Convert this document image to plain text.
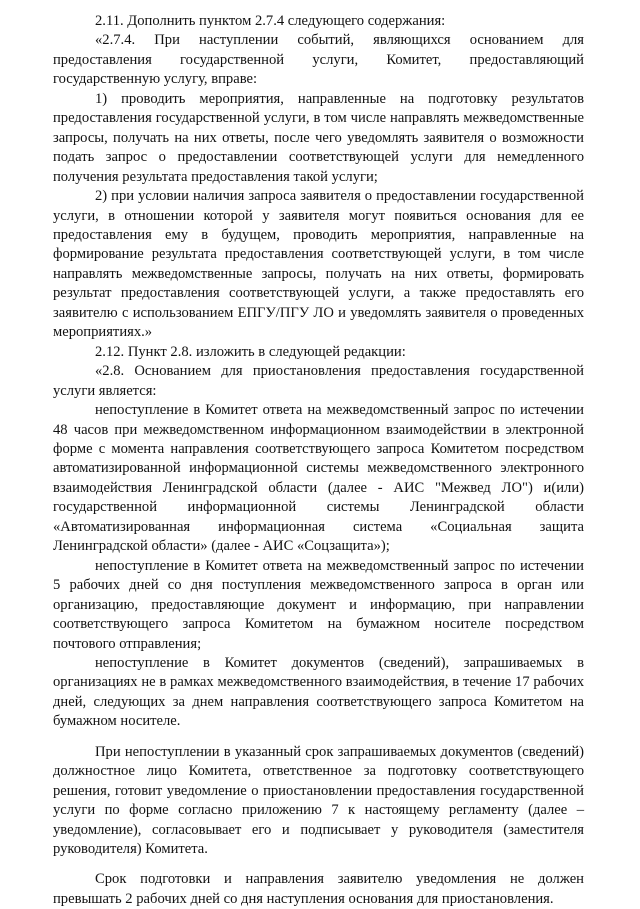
2.11. Дополнить пунктом 2.7.4 следующего содержания:

«2.7.4. При наступлении событий, являющихся основанием для предоставления государственной услуги, Комитет, предоставляющий государственную услугу, вправе:

1) проводить мероприятия, направленные на подготовку результатов предоставления государственной услуги, в том числе направлять межведомственные запросы, получать на них ответы, после чего уведомлять заявителя о возможности подать запрос о предоставлении соответствующей услуги для немедленного получения результата предоставления такой услуги;

2) при условии наличия запроса заявителя о предоставлении государственной услуги, в отношении которой у заявителя могут появиться основания для ее предоставления ему в будущем, проводить мероприятия, направленные на формирование результата предоставления соответствующей услуги, в том числе направлять межведомственные запросы, получать на них ответы, формировать результат предоставления соответствующей услуги, а также предоставлять его заявителю с использованием ЕПГУ/ПГУ ЛО и уведомлять заявителя о проведенных мероприятиях.»

2.12. Пункт 2.8. изложить в следующей редакции:

«2.8. Основанием для приостановления предоставления государственной услуги является:

непоступление в Комитет ответа на межведомственный запрос по истечении 48 часов при межведомственном информационном взаимодействии в электронной форме с момента направления соответствующего запроса Комитетом посредством автоматизированной информационной системы межведомственного электронного взаимодействия Ленинградской области (далее - АИС "Межвед ЛО") и(или) государственной информационной системы Ленинградской области «Автоматизированная информационная система «Социальная защита Ленинградской области» (далее - АИС «Соцзащита»);

непоступление в Комитет ответа на межведомственный запрос по истечении 5 рабочих дней со дня поступления межведомственного запроса в орган или организацию, предоставляющие документ и информацию, при направлении соответствующего запроса Комитетом на бумажном носителе посредством почтового отправления;

непоступление в Комитет документов (сведений), запрашиваемых в организациях не в рамках межведомственного взаимодействия, в течение 17 рабочих дней, следующих за днем направления соответствующего запроса Комитетом на бумажном носителе.

При непоступлении в указанный срок запрашиваемых документов (сведений) должностное лицо Комитета, ответственное за подготовку соответствующего решения, готовит уведомление о приостановлении предоставления государственной услуги по форме согласно приложению 7 к настоящему регламенту (далее – уведомление), согласовывает его и подписывает у руководителя (заместителя руководителя) Комитета.

Срок подготовки и направления заявителю уведомления не должен превышать 2 рабочих дней со дня наступления основания для приостановления.
